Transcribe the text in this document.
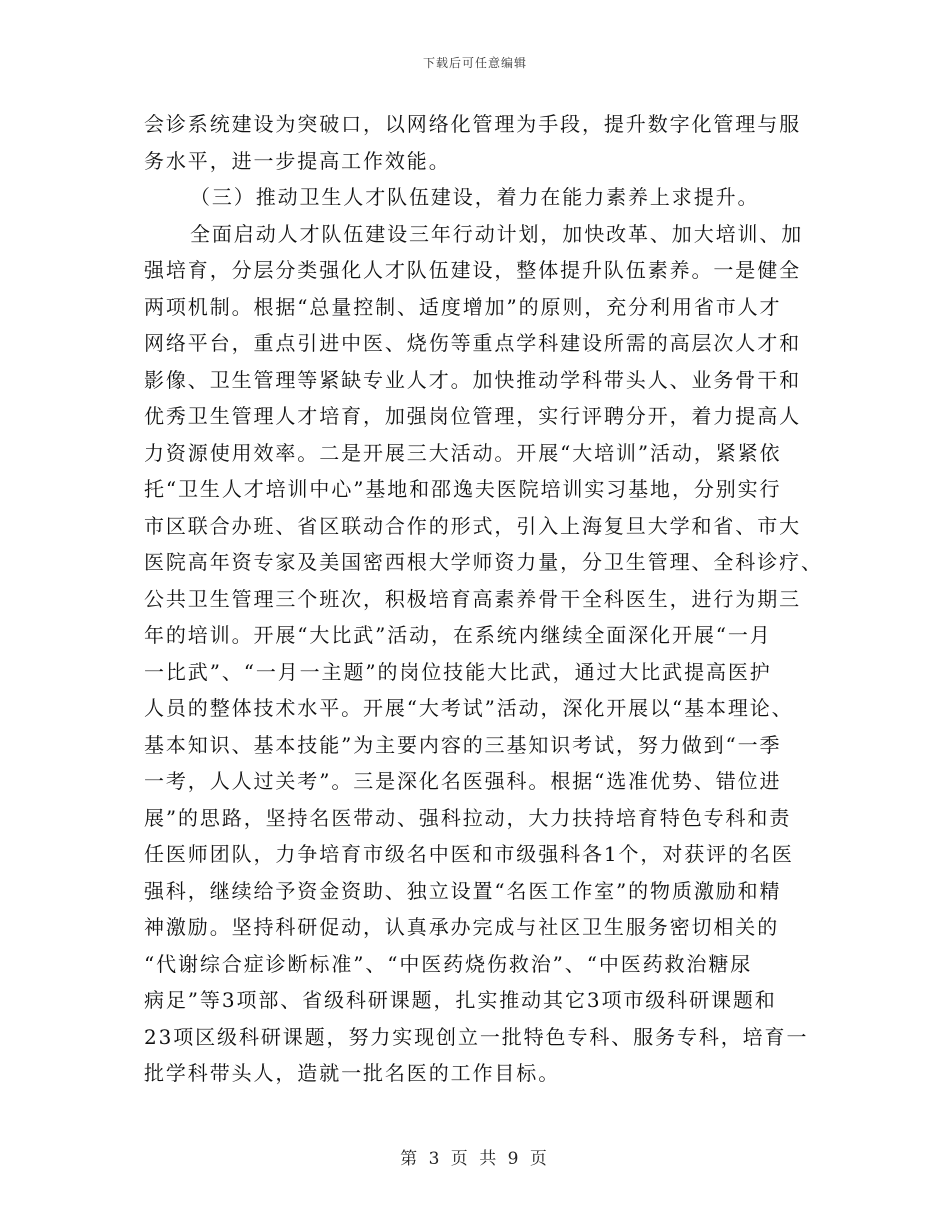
下载后可任意编辑
会诊系统建设为突破口，以网络化管理为手段，提升数字化管理与服
务水平，进一步提高工作效能。
（三）推动卫生人才队伍建设，着力在能力素养上求提升。
全面启动人才队伍建设三年行动计划，加快改革、加大培训、加
强培育，分层分类强化人才队伍建设，整体提升队伍素养。一是健全
两项机制。根据“总量控制、适度增加”的原则，充分利用省市人才
网络平台，重点引进中医、烧伤等重点学科建设所需的高层次人才和
影像、卫生管理等紧缺专业人才。加快推动学科带头人、业务骨干和
优秀卫生管理人才培育，加强岗位管理，实行评聘分开，着力提高人
力资源使用效率。二是开展三大活动。开展“大培训”活动，紧紧依
托“卫生人才培训中心”基地和邵逸夫医院培训实习基地，分别实行
市区联合办班、省区联动合作的形式，引入上海复旦大学和省、市大
医院高年资专家及美国密西根大学师资力量，分卫生管理、全科诊疗、
公共卫生管理三个班次，积极培育高素养骨干全科医生，进行为期三
年的培训。开展“大比武”活动，在系统内继续全面深化开展“一月
一比武”、“一月一主题”的岗位技能大比武，通过大比武提高医护
人员的整体技术水平。开展“大考试”活动，深化开展以“基本理论、
基本知识、基本技能”为主要内容的三基知识考试，努力做到“一季
一考，人人过关考”。三是深化名医强科。根据“选准优势、错位进
展”的思路，坚持名医带动、强科拉动，大力扶持培育特色专科和责
任医师团队，力争培育市级名中医和市级强科各1个，对获评的名医
强科，继续给予资金资助、独立设置“名医工作室”的物质激励和精
神激励。坚持科研促动，认真承办完成与社区卫生服务密切相关的
“代谢综合症诊断标准”、“中医药烧伤救治”、“中医药救治糖尿
病足”等3项部、省级科研课题，扎实推动其它3项市级科研课题和
23项区级科研课题，努力实现创立一批特色专科、服务专科，培育一
批学科带头人，造就一批名医的工作目标。
第 3 页 共 9 页
